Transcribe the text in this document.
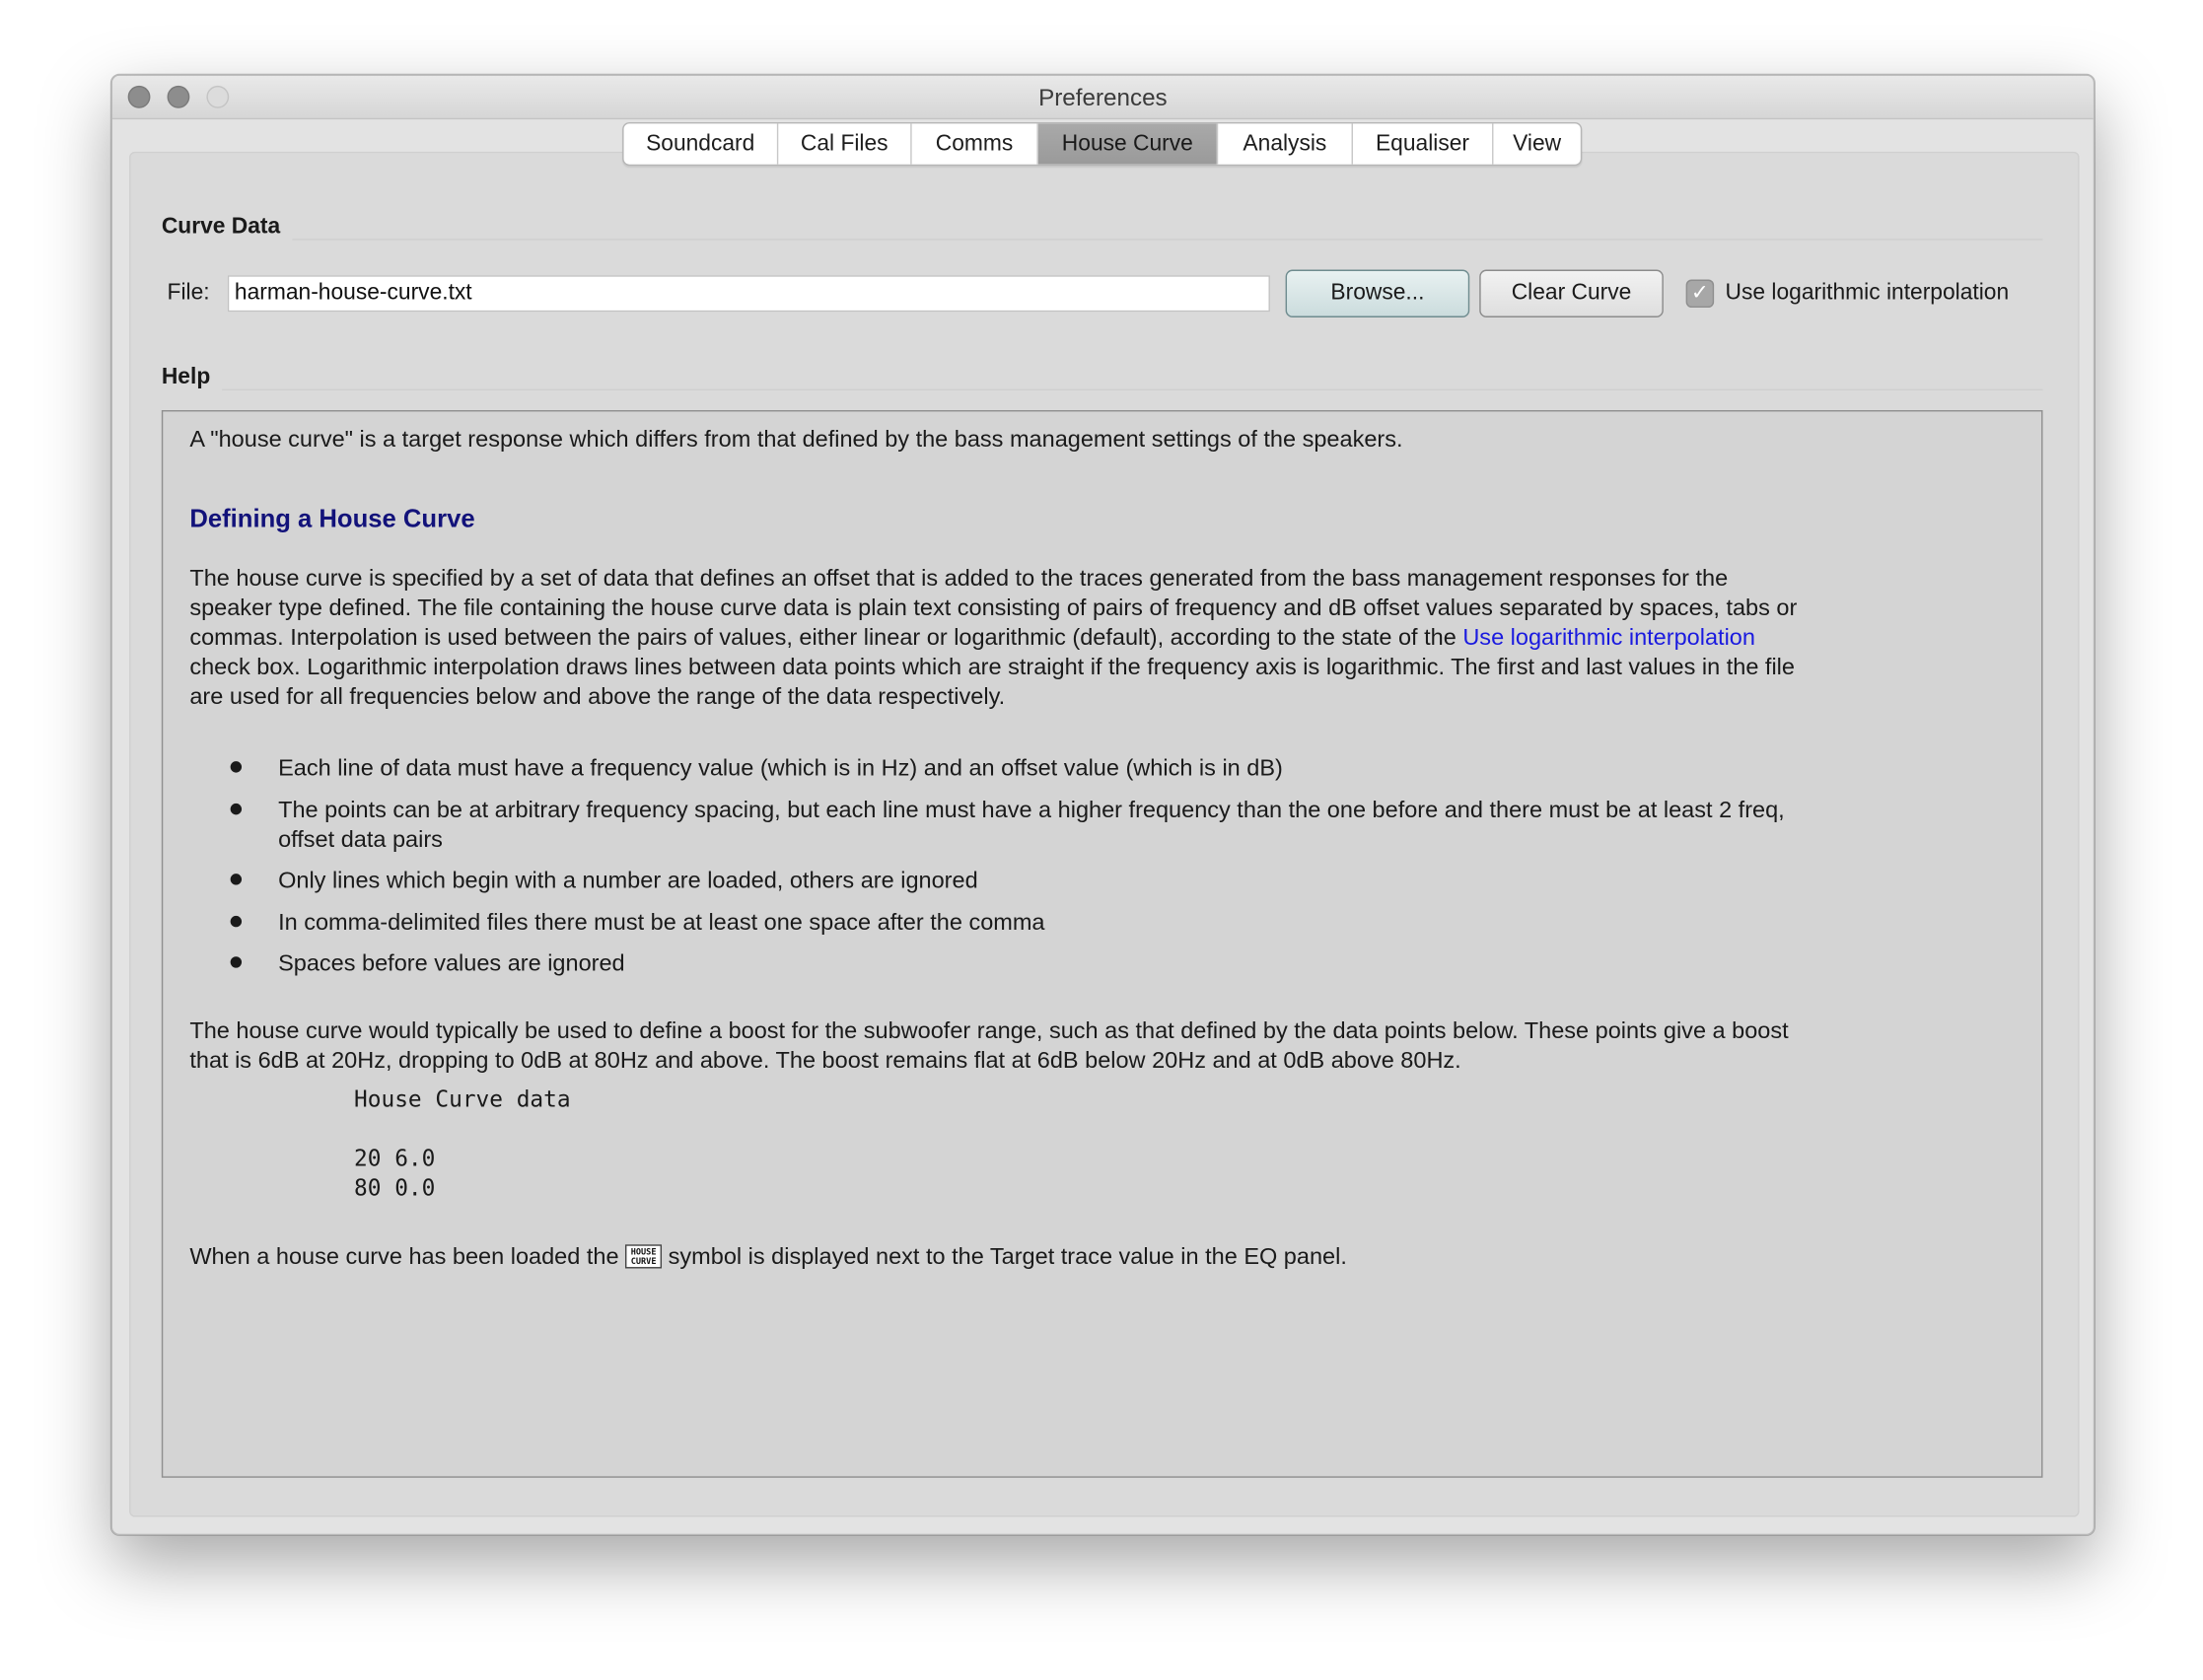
Preferences
Soundcard	Cal Files	Comms	House Curve	Analysis	Equaliser	View
Curve Data
File:
harman-house-curve.txt	Browse...	Clear Curve	✓	Use logarithmic interpolation
Help
A "house curve" is a target response which differs from that defined by the bass management settings of the speakers.
Defining a House Curve
The house curve is specified by a set of data that defines an offset that is added to the traces generated from the bass management responses for the
speaker type defined. The file containing the house curve data is plain text consisting of pairs of frequency and dB offset values separated by spaces, tabs or
commas. Interpolation is used between the pairs of values, either linear or logarithmic (default), according to the state of the Use logarithmic interpolation
check box. Logarithmic interpolation draws lines between data points which are straight if the frequency axis is logarithmic. The first and last values in the file
are used for all frequencies below and above the range of the data respectively.
Each line of data must have a frequency value (which is in Hz) and an offset value (which is in dB)
The points can be at arbitrary frequency spacing, but each line must have a higher frequency than the one before and there must be at least 2 freq,
offset data pairs
Only lines which begin with a number are loaded, others are ignored
In comma-delimited files there must be at least one space after the comma
Spaces before values are ignored
The house curve would typically be used to define a boost for the subwoofer range, such as that defined by the data points below. These points give a boost
that is 6dB at 20Hz, dropping to 0dB at 80Hz and above. The boost remains flat at 6dB below 20Hz and at 0dB above 80Hz.
House Curve data
20 6.0
80 0.0
When a house curve has been loaded the HOUSE
CURVE symbol is displayed next to the Target trace value in the EQ panel.
